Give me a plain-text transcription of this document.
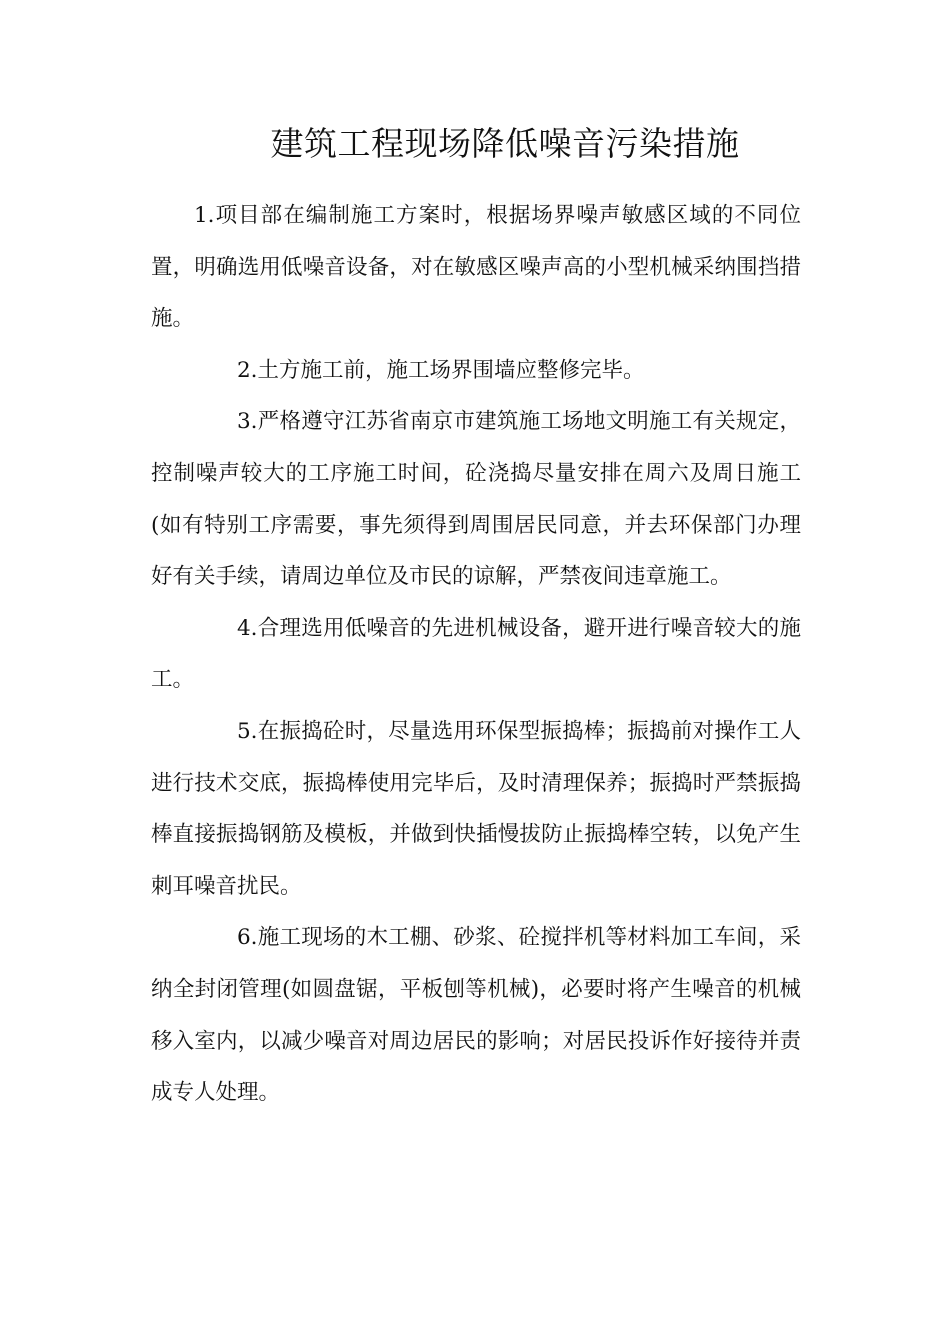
建筑工程现场降低噪音污染措施

1.项目部在编制施工方案时，根据场界噪声敏感区域的不同位置，明确选用低噪音设备，对在敏感区噪声高的小型机械采纳围挡措施。

2.土方施工前，施工场界围墙应整修完毕。

3.严格遵守江苏省南京市建筑施工场地文明施工有关规定，控制噪声较大的工序施工时间，砼浇捣尽量安排在周六及周日施工(如有特别工序需要，事先须得到周围居民同意，并去环保部门办理好有关手续，请周边单位及市民的谅解，严禁夜间违章施工。

4.合理选用低噪音的先进机械设备，避开进行噪音较大的施工。

5.在振捣砼时，尽量选用环保型振捣棒；振捣前对操作工人进行技术交底，振捣棒使用完毕后，及时清理保养；振捣时严禁振捣棒直接振捣钢筋及模板，并做到快插慢拔防止振捣棒空转，以免产生刺耳噪音扰民。

6.施工现场的木工棚、砂浆、砼搅拌机等材料加工车间，采纳全封闭管理(如圆盘锯，平板刨等机械)，必要时将产生噪音的机械移入室内，以减少噪音对周边居民的影响；对居民投诉作好接待并责成专人处理。
